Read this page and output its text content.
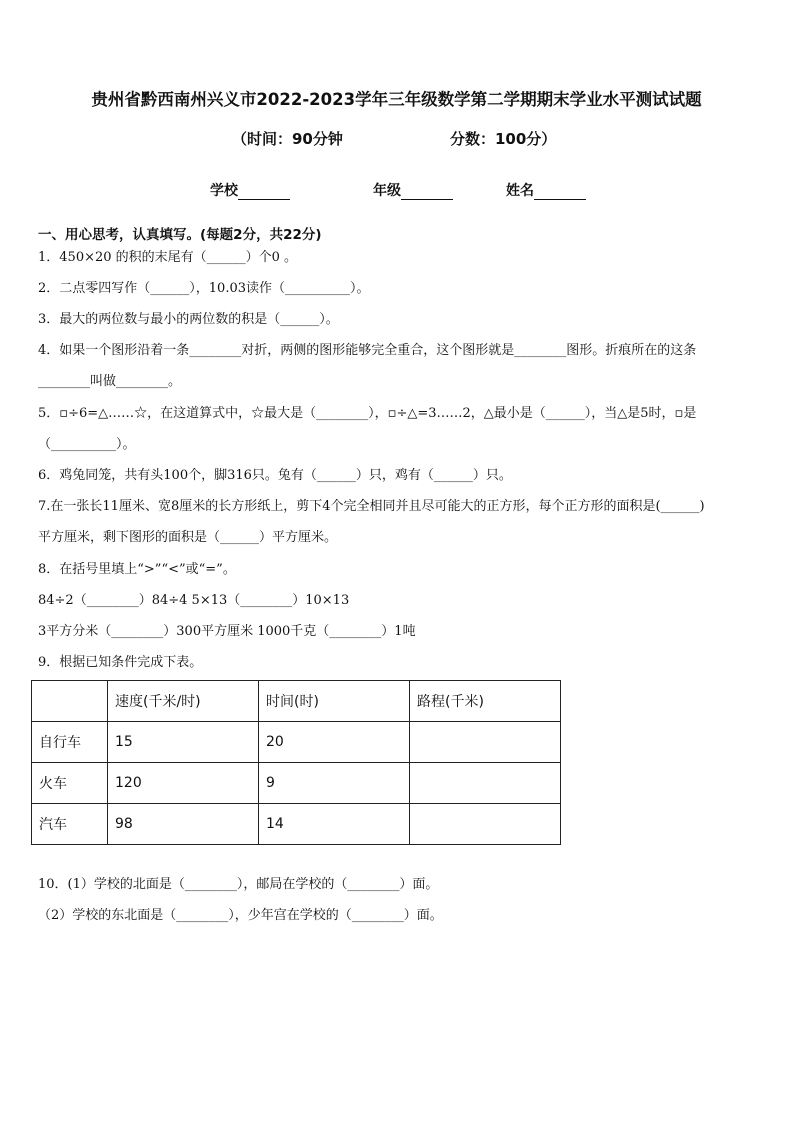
贵州省黔西南州兴义市2022-2023学年三年级数学第二学期期末学业水平测试试题
（时间：90分钟	分数：100分）
学校	年级	姓名
一、用心思考，认真填写。(每题2分，共22分)
1．450×20 的积的末尾有（______）个0 。
2．二点零四写作（______），10.03读作（__________）。
3．最大的两位数与最小的两位数的积是（______）。
4．如果一个图形沿着一条________对折，两侧的图形能够完全重合，这个图形就是________图形。折痕所在的这条
________叫做________。
5．▫÷6=△……☆，在这道算式中，☆最大是（________），▫÷△=3……2，△最小是（______），当△是5时，▫是
（__________）。
6．鸡兔同笼，共有头100个，脚316只。兔有（______）只，鸡有（______）只。
7.在一张长11厘米、宽8厘米的长方形纸上，剪下4个完全相同并且尽可能大的正方形，每个正方形的面积是(______)
平方厘米，剩下图形的面积是（______）平方厘米。
8．在括号里填上“>”“<”或“=”。
84÷2（________）84÷4 5×13（________）10×13
3平方分米（________）300平方厘米 1000千克（________）1吨
9．根据已知条件完成下表。
	速度(千米/时)	时间(时)	路程(千米)
自行车	15	20	
火车	120	9	
汽车	98	14	
10．(1）学校的北面是（________），邮局在学校的（________）面。
（2）学校的东北面是（________），少年宫在学校的（________）面。
